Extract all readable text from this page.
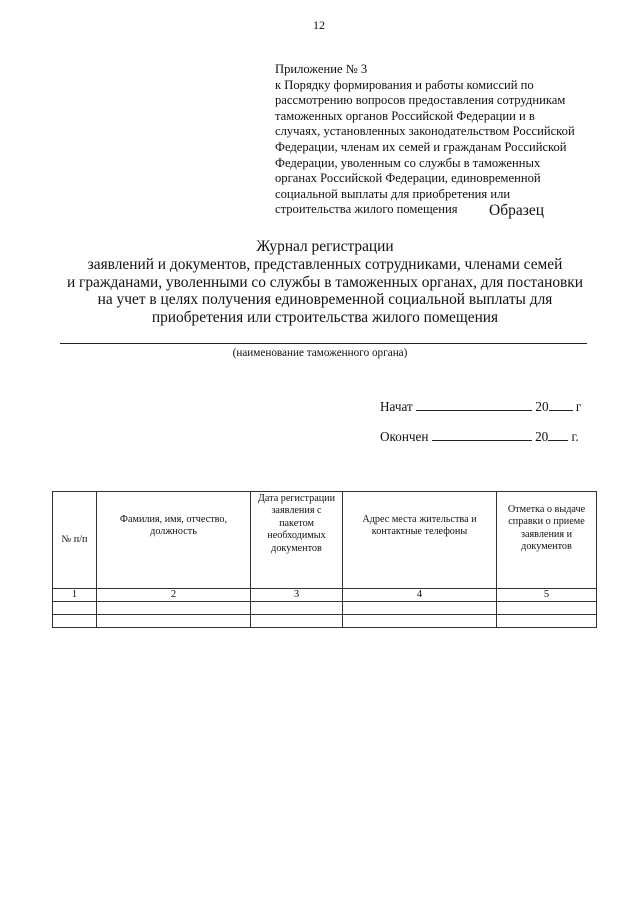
12
Приложение № 3
к Порядку формирования и работы комиссий по
рассмотрению вопросов предоставления сотрудникам
таможенных органов Российской Федерации и в
случаях, установленных законодательством Российской
Федерации, членам их семей и гражданам Российской
Федерации, уволенным со службы в таможенных
органах Российской Федерации, единовременной
социальной выплаты для приобретения или
строительства жилого помещения	Образец
Журнал регистрации
заявлений и документов, представленных сотрудниками, членами семей
и гражданами, уволенными со службы в таможенных органах, для постановки
на учет в целях получения единовременной социальной выплаты для
приобретения или строительства жилого помещения
(наименование таможенного органа)
Начат	20 г
Окончен	20 г.
№ п/п	Фамилия, имя, отчество, должность	Дата регистрации заявления с пакетом необходимых документов	Адрес места жительства и контактные телефоны	Отметка о выдаче справки о приеме заявления и документов
1	2	3	4	5
